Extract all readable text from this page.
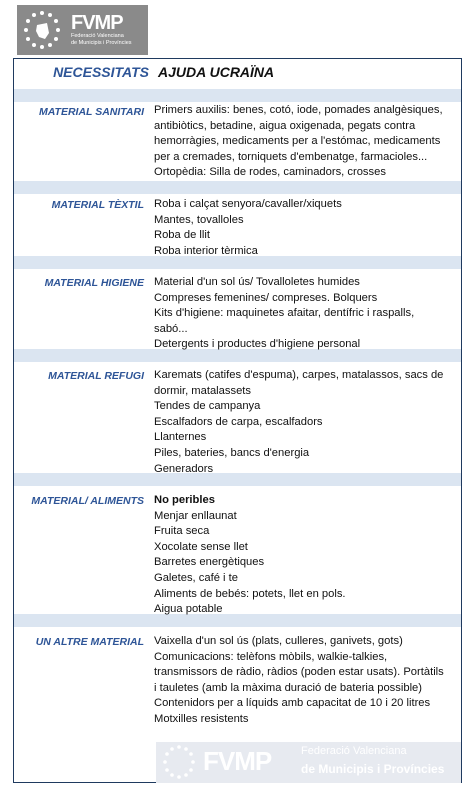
FVMP
Federació Valenciana
de Municipis i Províncies
NECESSITATS AJUDA UCRAÏNA
MATERIAL SANITARI Primers auxilis: benes, cotó, iode, pomades analgèsiques,
antibiòtics, betadine, aigua oxigenada, pegats contra
hemorràgies, medicaments per a l'estómac, medicaments
per a cremades, torniquets d'embenatge, farmacioles...
Ortopèdia: Silla de rodes, caminadors, crosses
MATERIAL TÈXTIL Roba i calçat senyora/cavaller/xiquets
Mantes, tovalloles
Roba de llit
Roba interior tèrmica
MATERIAL HIGIENE Material d'un sol ús/ Tovalloletes humides
Compreses femenines/ compreses. Bolquers
Kits d'higiene: maquinetes afaitar, dentífric i raspalls,
sabó...
Detergents i productes d'higiene personal
MATERIAL REFUGI Karemats (catifes d'espuma), carpes, matalassos, sacs de
dormir, matalassets
Tendes de campanya
Escalfadors de carpa, escalfadors
Llanternes
Piles, bateries, bancs d'energia
Generadors
MATERIAL/ ALIMENTS No peribles
Menjar enllaunat
Fruita seca
Xocolate sense llet
Barretes energètiques
Galetes, café i te
Aliments de bebés: potets, llet en pols.
Aigua potable
UN ALTRE MATERIAL Vaixella d'un sol ús (plats, culleres, ganivets, gots)
Comunicacions: telèfons mòbils, walkie-talkies,
transmissors de ràdio, ràdios (poden estar usats). Portàtils
i tauletes (amb la màxima duració de bateria possible)
Contenidors per a líquids amb capacitat de 10 i 20 litres
Motxilles resistents
FVMP	Federació Valenciana
de Municipis i Províncies
